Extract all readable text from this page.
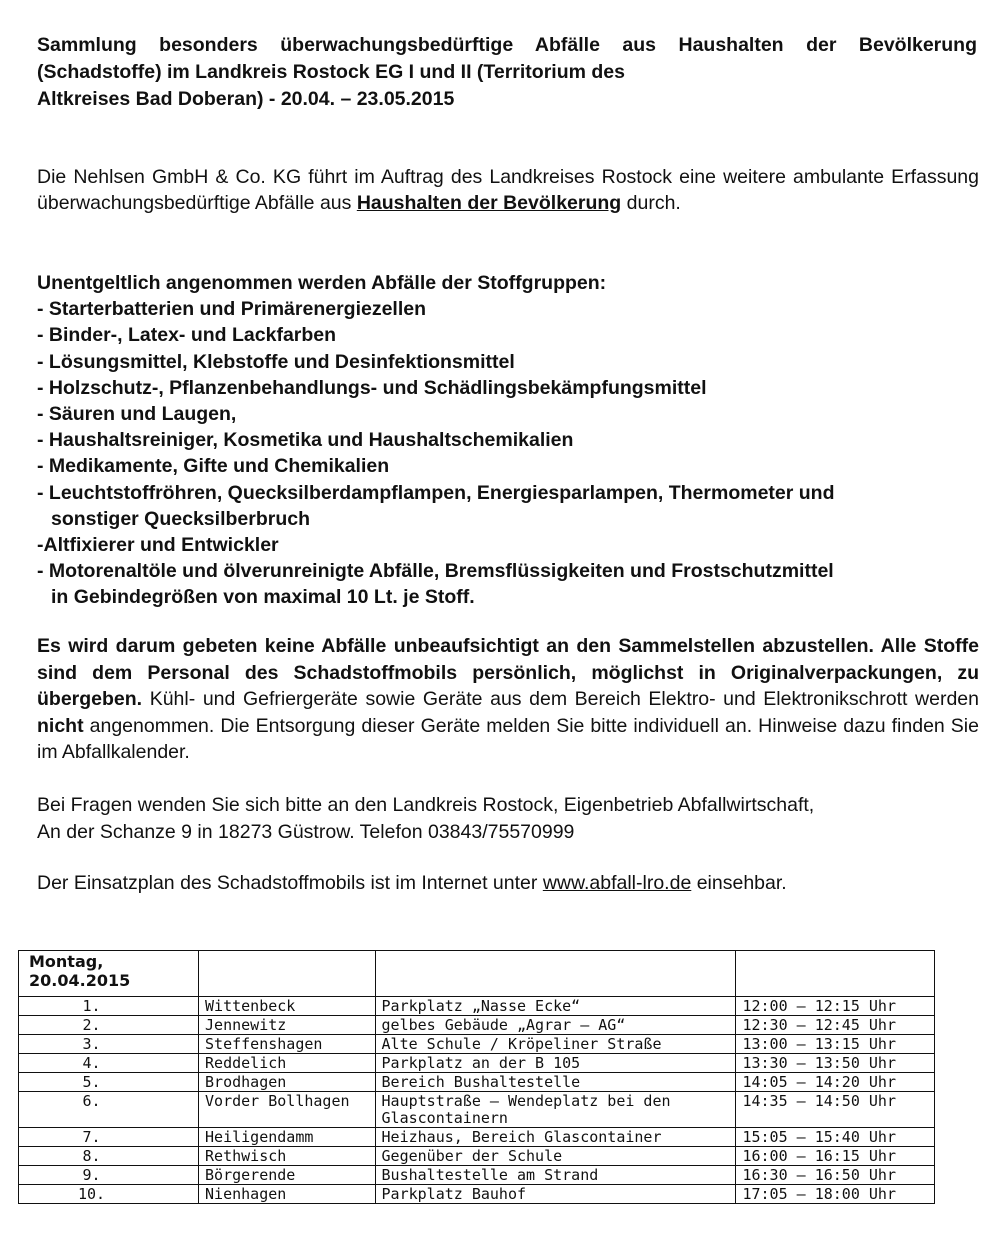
Sammlung besonders überwachungsbedürftige Abfälle aus Haushalten der Bevölkerung (Schadstoffe) im Landkreis Rostock EG I und II (Territorium des
Altkreises Bad Doberan) - 20.04. – 23.05.2015

Die Nehlsen GmbH & Co. KG führt im Auftrag des Landkreises Rostock eine weitere ambulante Erfassung überwachungsbedürftige Abfälle aus Haushalten der Bevölkerung durch.

Unentgeltlich angenommen werden Abfälle der Stoffgruppen:
- Starterbatterien und Primärenergiezellen
- Binder-, Latex- und Lackfarben
- Lösungsmittel, Klebstoffe und Desinfektionsmittel
- Holzschutz-, Pflanzenbehandlungs- und Schädlingsbekämpfungsmittel
- Säuren und Laugen,
- Haushaltsreiniger, Kosmetika und Haushaltschemikalien
- Medikamente, Gifte und Chemikalien
- Leuchtstoffröhren, Quecksilberdampflampen, Energiesparlampen, Thermometer und
sonstiger Quecksilberbruch
-Altfixierer und Entwickler
- Motorenaltöle und ölverunreinigte Abfälle, Bremsflüssigkeiten und Frostschutzmittel
in Gebindegrößen von maximal 10 Lt. je Stoff.

Es wird darum gebeten keine Abfälle unbeaufsichtigt an den Sammelstellen abzustellen. Alle Stoffe sind dem Personal des Schadstoffmobils persönlich, möglichst in Originalverpackungen, zu übergeben. Kühl- und Gefriergeräte sowie Geräte aus dem Bereich Elektro- und Elektronikschrott werden nicht angenommen. Die Entsorgung dieser Geräte melden Sie bitte individuell an. Hinweise dazu finden Sie im Abfallkalender.

Bei Fragen wenden Sie sich bitte an den Landkreis Rostock, Eigenbetrieb Abfallwirtschaft,
An der Schanze 9 in 18273 Güstrow. Telefon 03843/75570999

Der Einsatzplan des Schadstoffmobils ist im Internet unter www.abfall-lro.de einsehbar.

Montag,
20.04.2015			
1.	Wittenbeck	Parkplatz „Nasse Ecke“	12:00 – 12:15 Uhr
2.	Jennewitz	gelbes Gebäude „Agrar – AG“	12:30 – 12:45 Uhr
3.	Steffenshagen	Alte Schule / Kröpeliner Straße	13:00 – 13:15 Uhr
4.	Reddelich	Parkplatz an der B 105	13:30 – 13:50 Uhr
5.	Brodhagen	Bereich Bushaltestelle	14:05 – 14:20 Uhr
6.	Vorder Bollhagen	Hauptstraße – Wendeplatz bei den Glascontainern	14:35 – 14:50 Uhr
7.	Heiligendamm	Heizhaus, Bereich Glascontainer	15:05 – 15:40 Uhr
8.	Rethwisch	Gegenüber der Schule	16:00 – 16:15 Uhr
9.	Börgerende	Bushaltestelle am Strand	16:30 – 16:50 Uhr
10.	Nienhagen	Parkplatz Bauhof	17:05 – 18:00 Uhr
